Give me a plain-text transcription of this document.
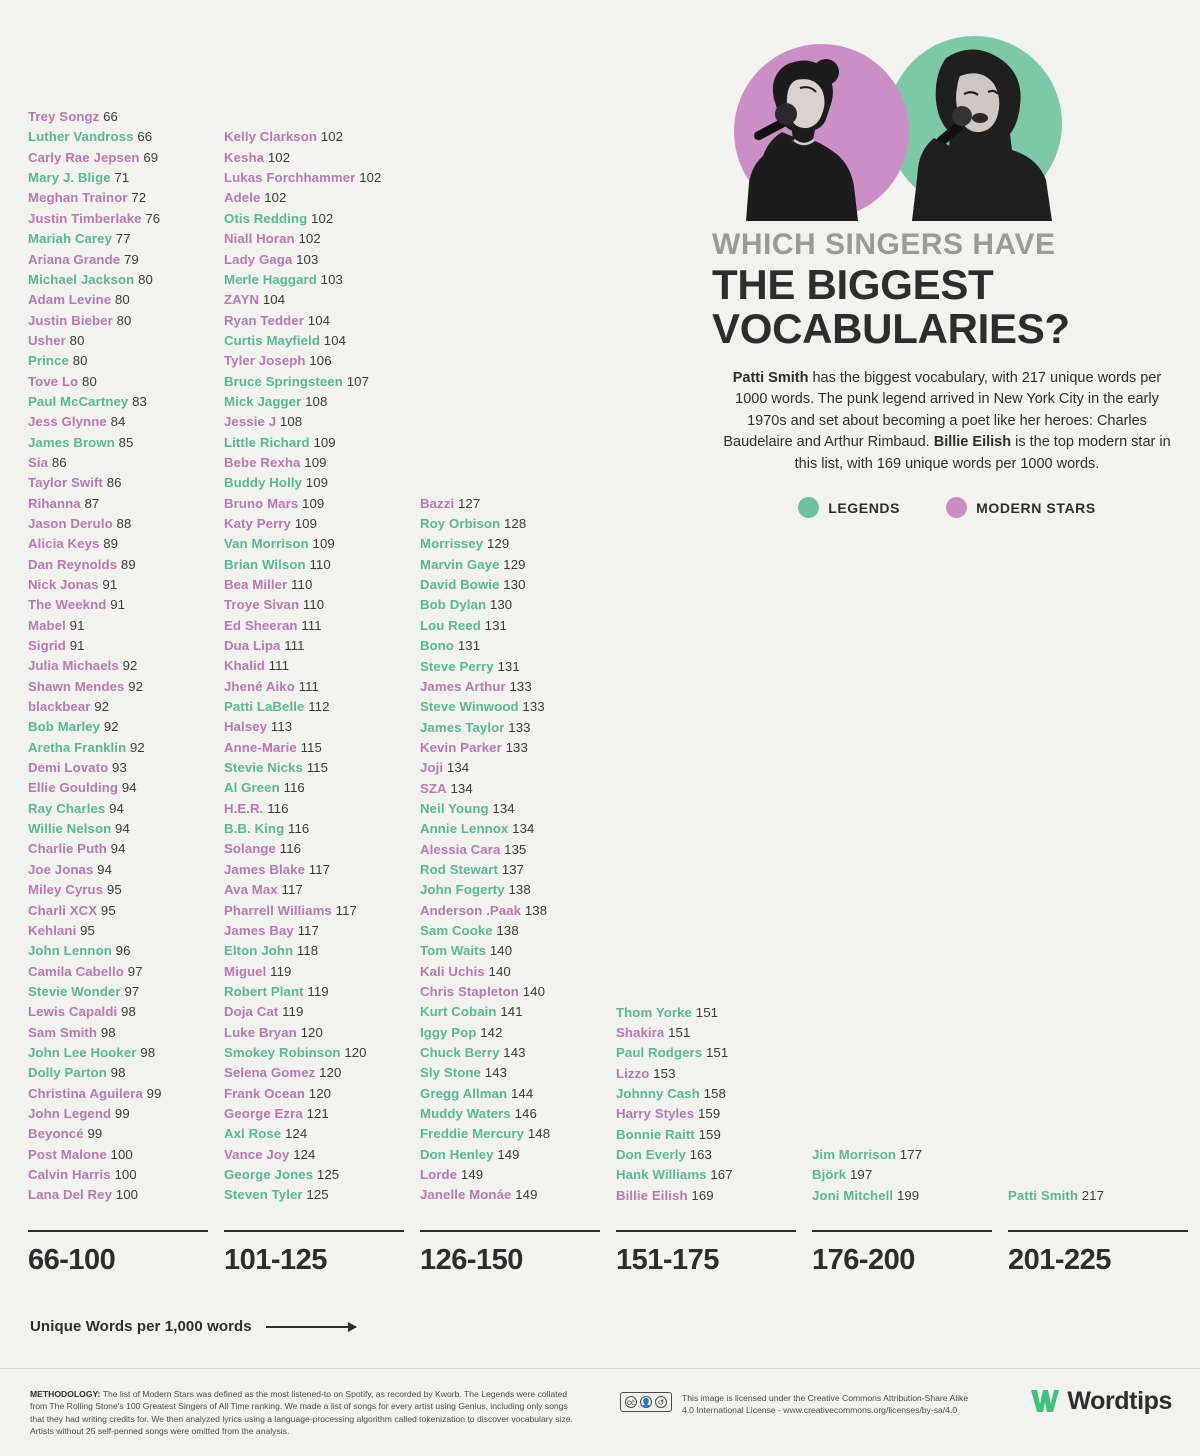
Trey Songz 66
Luther Vandross 66
Carly Rae Jepsen 69
Mary J. Blige 71
Meghan Trainor 72
Justin Timberlake 76
Mariah Carey 77
Ariana Grande 79
Michael Jackson 80
Adam Levine 80
Justin Bieber 80
Usher 80
Prince 80
Tove Lo 80
Paul McCartney 83
Jess Glynne 84
James Brown 85
Sia 86
Taylor Swift 86
Rihanna 87
Jason Derulo 88
Alicia Keys 89
Dan Reynolds 89
Nick Jonas 91
The Weeknd 91
Mabel 91
Sigrid 91
Julia Michaels 92
Shawn Mendes 92
blackbear 92
Bob Marley 92
Aretha Franklin 92
Demi Lovato 93
Ellie Goulding 94
Ray Charles 94
Willie Nelson 94
Charlie Puth 94
Joe Jonas 94
Miley Cyrus 95
Charli XCX 95
Kehlani 95
John Lennon 96
Camila Cabello 97
Stevie Wonder 97
Lewis Capaldi 98
Sam Smith 98
John Lee Hooker 98
Dolly Parton 98
Christina Aguilera 99
John Legend 99
Beyoncé 99
Post Malone 100
Calvin Harris 100
Lana Del Rey 100
66-100
Kelly Clarkson 102
Kesha 102
Lukas Forchhammer 102
Adele 102
Otis Redding 102
Niall Horan 102
Lady Gaga 103
Merle Haggard 103
ZAYN 104
Ryan Tedder 104
Curtis Mayfield 104
Tyler Joseph 106
Bruce Springsteen 107
Mick Jagger 108
Jessie J 108
Little Richard 109
Bebe Rexha 109
Buddy Holly 109
Bruno Mars 109
Katy Perry 109
Van Morrison 109
Brian Wilson 110
Bea Miller 110
Troye Sivan 110
Ed Sheeran 111
Dua Lipa 111
Khalid 111
Jhené Aiko 111
Patti LaBelle 112
Halsey 113
Anne-Marie 115
Stevie Nicks 115
Al Green 116
H.E.R. 116
B.B. King 116
Solange 116
James Blake 117
Ava Max 117
Pharrell Williams 117
James Bay 117
Elton John 118
Miguel 119
Robert Plant 119
Doja Cat 119
Luke Bryan 120
Smokey Robinson 120
Selena Gomez 120
Frank Ocean 120
George Ezra 121
Axl Rose 124
Vance Joy 124
George Jones 125
Steven Tyler 125
101-125
Bazzi 127
Roy Orbison 128
Morrissey 129
Marvin Gaye 129
David Bowie 130
Bob Dylan 130
Lou Reed 131
Bono 131
Steve Perry 131
James Arthur 133
Steve Winwood 133
James Taylor 133
Kevin Parker 133
Joji 134
SZA 134
Neil Young 134
Annie Lennox 134
Alessia Cara 135
Rod Stewart 137
John Fogerty 138
Anderson .Paak 138
Sam Cooke 138
Tom Waits 140
Kali Uchis 140
Chris Stapleton 140
Kurt Cobain 141
Iggy Pop 142
Chuck Berry 143
Sly Stone 143
Gregg Allman 144
Muddy Waters 146
Freddie Mercury 148
Don Henley 149
Lorde 149
Janelle Monáe 149
126-150
Thom Yorke 151
Shakira 151
Paul Rodgers 151
Lizzo 153
Johnny Cash 158
Harry Styles 159
Bonnie Raitt 159
Don Everly 163
Hank Williams 167
Billie Eilish 169
151-175
Jim Morrison 177
Björk 197
Joni Mitchell 199
176-200
Patti Smith 217
201-225
WHICH SINGERS HAVE
THE BIGGEST
VOCABULARIES?
Patti Smith has the biggest vocabulary, with 217 unique words per 1000 words. The punk legend arrived in New York City in the early 1970s and set about becoming a poet like her heroes: Charles Baudelaire and Arthur Rimbaud. Billie Eilish is the top modern star in this list, with 169 unique words per 1000 words.
LEGENDS	MODERN STARS
Unique Words per 1,000 words
METHODOLOGY: The list of Modern Stars was defined as the most listened-to on Spotify, as recorded by Kworb. The Legends were collated from The Rolling Stone's 100 Greatest Singers of All Time ranking. We made a list of songs for every artist using Genius, including only songs that they had writing credits for. We then analyzed lyrics using a language-processing algorithm called tokenization to discover vocabulary size. Artists without 25 self-penned songs were omitted from the analysis.
cc 👤 ↺	This image is licensed under the Creative Commons Attribution-Share Alike
4.0 International License - www.creativecommons.org/licenses/by-sa/4.0	Wordtips
